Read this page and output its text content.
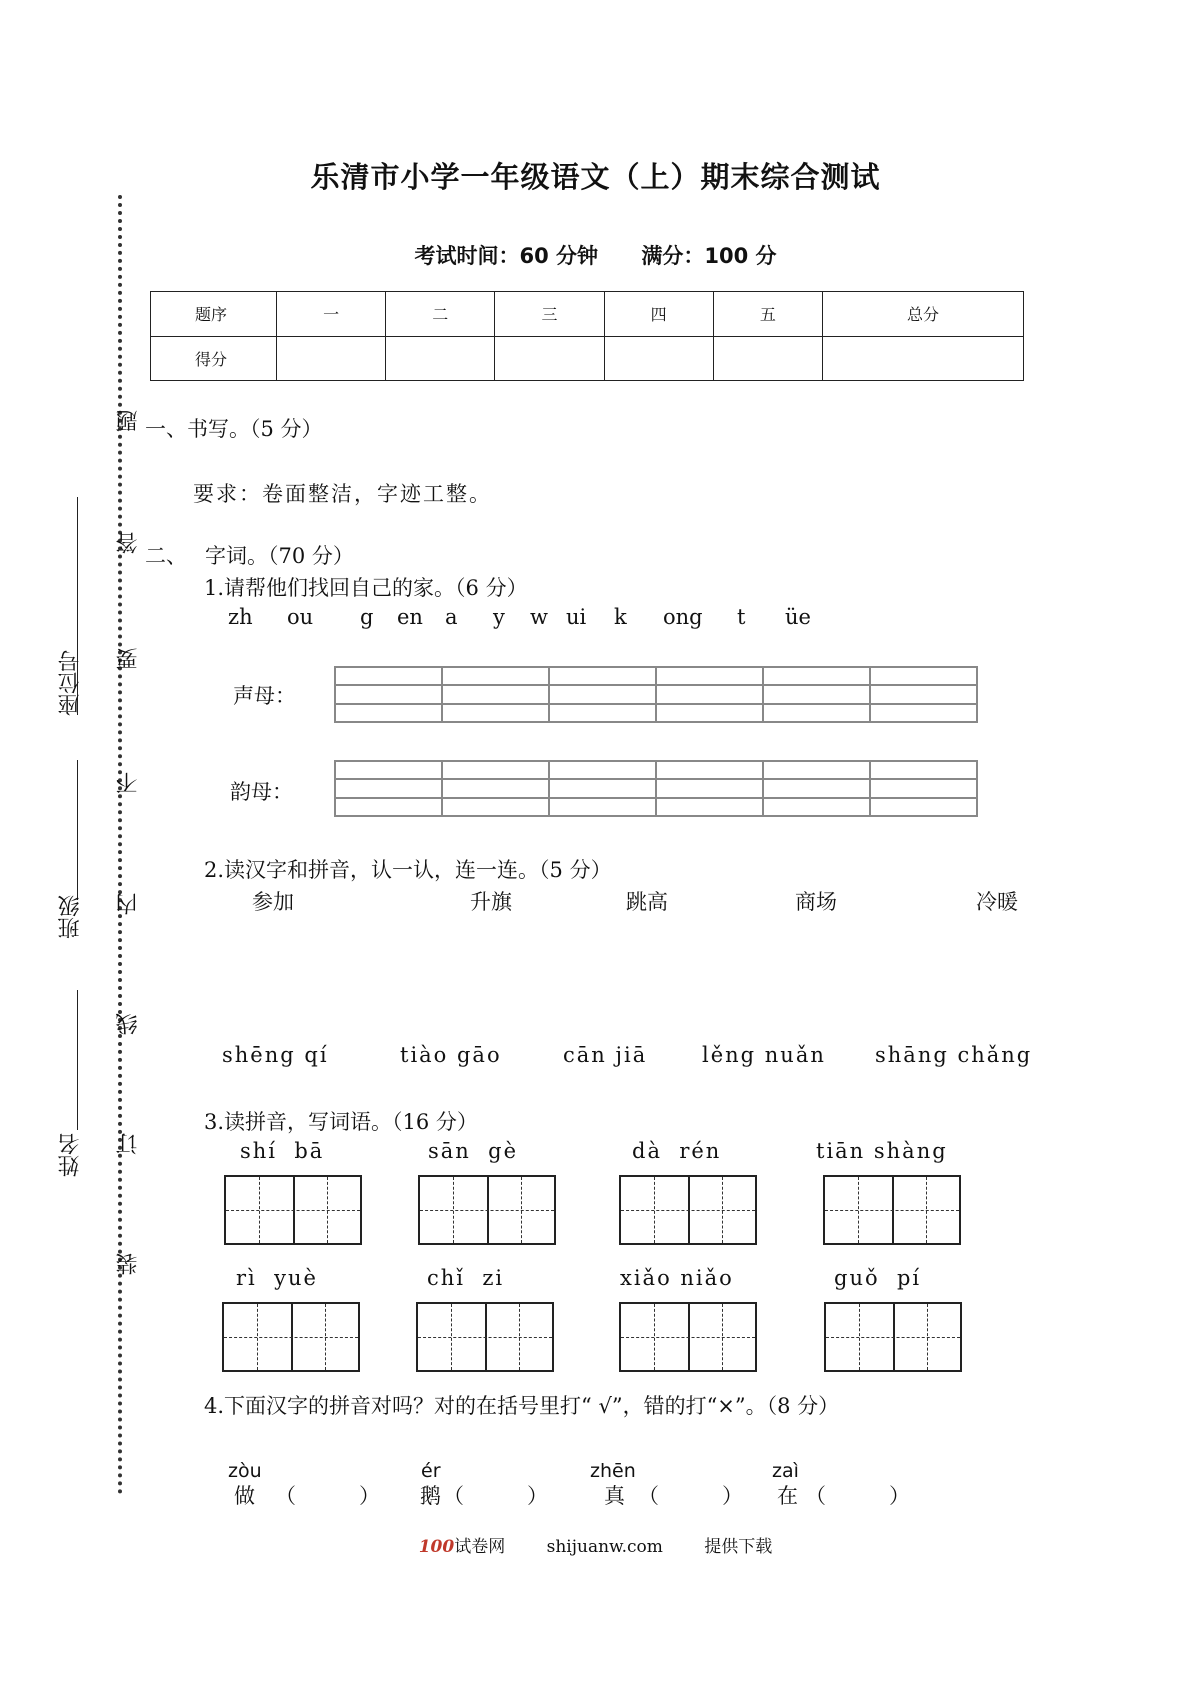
乐清市小学一年级语文（上）期末综合测试
考试时间：60 分钟 满分：100 分
题序	一	二	三	四	五	总分
得分						
座位号
班级
姓名
题
答
要
不
内
线
订
装
一、书写。（5 分）
要求：卷面整洁，字迹工整。
二、 字词。（70 分）
1.请帮他们找回自己的家。（6 分）
zh ou g en a y w ui k ong t üe
声母：
韵母：
2.读汉字和拼音，认一认，连一连。（5 分）
参加	升旗	跳高	商场	冷暖
shēng qí	tiào gāo	cān jiā	lěng nuǎn shāng chǎng
3.读拼音，写词语。（16 分）
shí  bā	sān  gè	dà  rén	tiān shàng
rì  yuè	chǐ  zi	xiǎo niǎo	guǒ  pí
4.下面汉字的拼音对吗？对的在括号里打“ √”，错的打“×”。（8 分）
zòu
做 （　　　）
ér
鹅 （　　　）
zhēn
真 （　　　）
zaì
在 （　　　）
100试卷网 shijuanw.com 提供下载
